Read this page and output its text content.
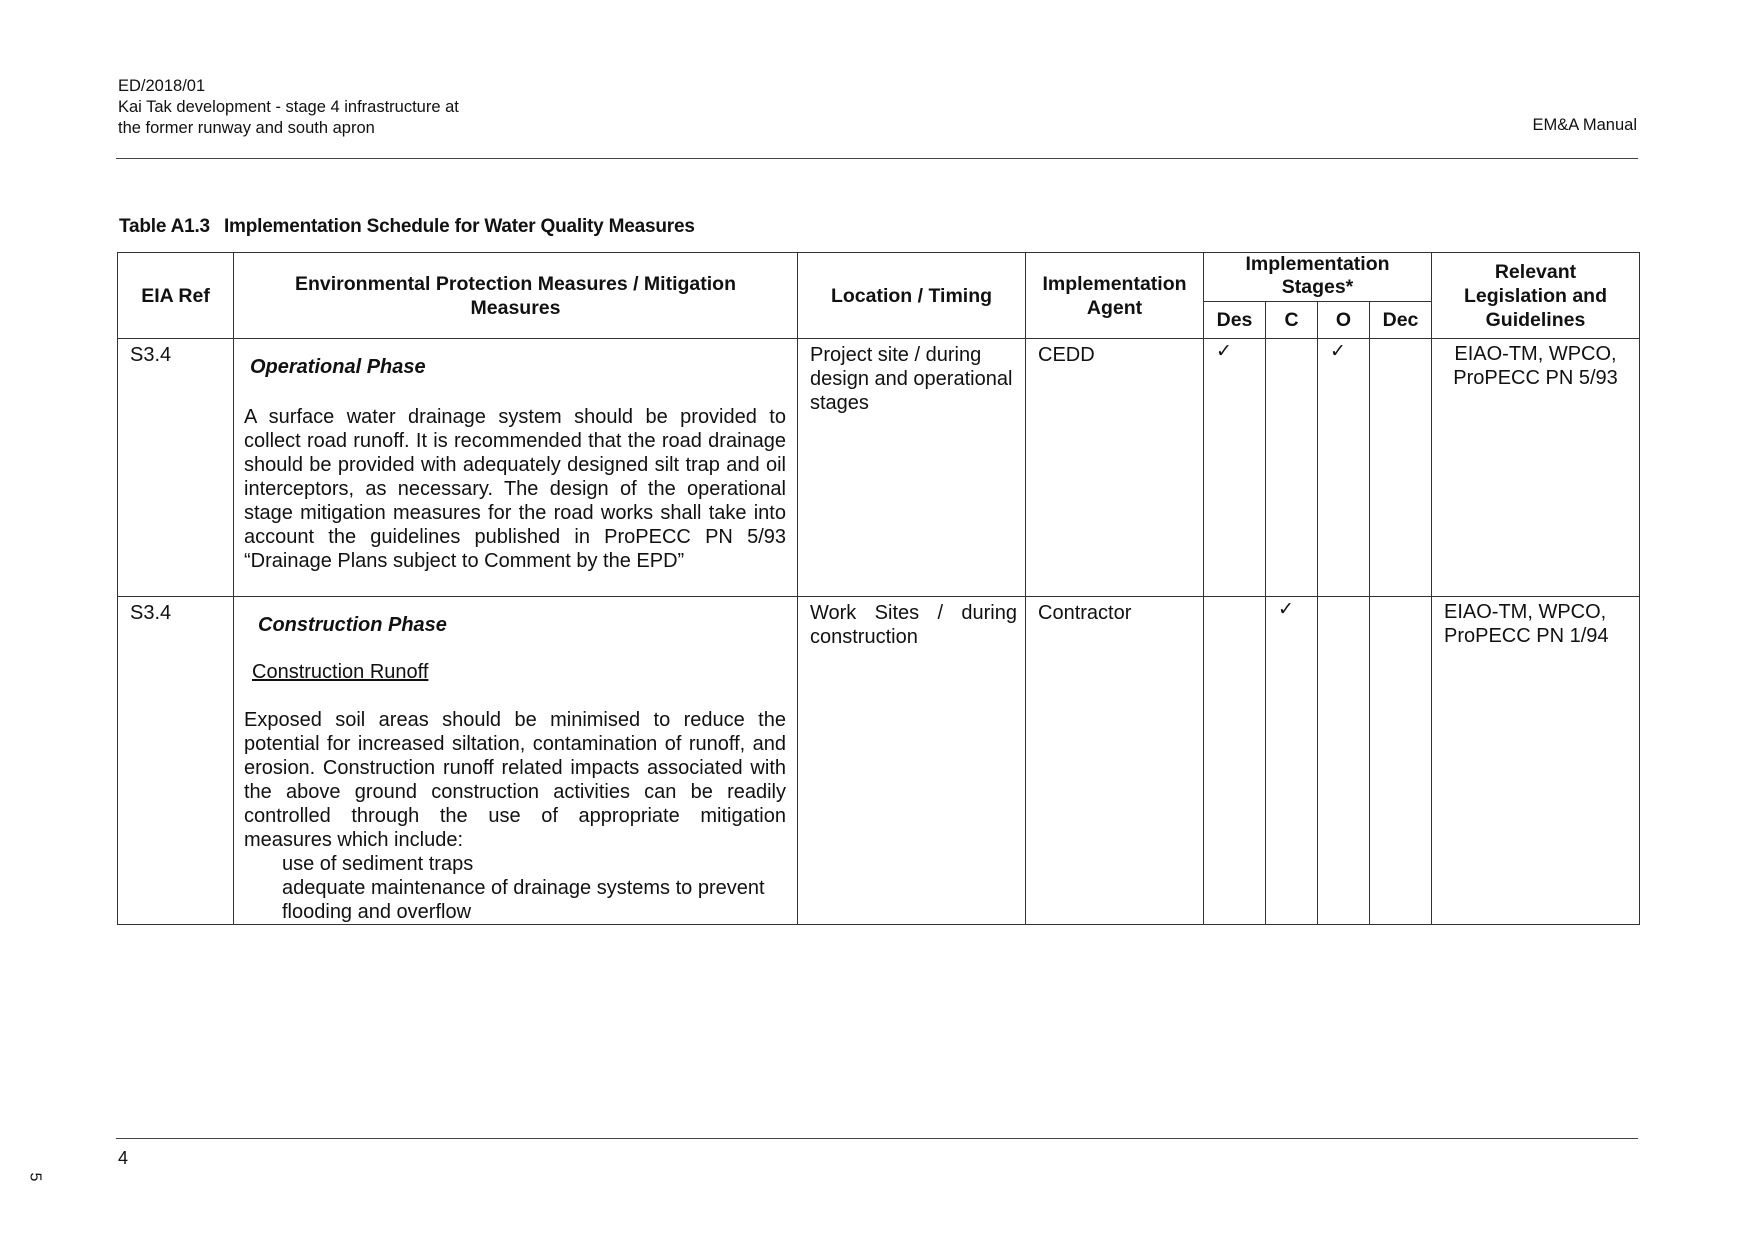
ED/2018/01
Kai Tak development - stage 4 infrastructure at
the former runway and south apron	EM&A Manual
Table A1.3 Implementation Schedule for Water Quality Measures
EIA Ref	Environmental Protection Measures / Mitigation Measures	Location / Timing	Implementation Agent	Implementation Stages*				Relevant Legislation and Guidelines
				Des	C	O	Dec	
S3.4	Operational Phase
A surface water drainage system should be provided to collect road runoff. It is recommended that the road drainage should be provided with adequately designed silt trap and oil interceptors, as necessary. The design of the operational stage mitigation measures for the road works shall take into account the guidelines published in ProPECC PN 5/93 “Drainage Plans subject to Comment by the EPD”	Project site / during design and operational stages	CEDD	✓		✓		EIAO-TM, WPCO, ProPECC PN 5/93
S3.4	Construction Phase
Construction Runoff
Exposed soil areas should be minimised to reduce the potential for increased siltation, contamination of runoff, and erosion. Construction runoff related impacts associated with the above ground construction activities can be readily controlled through the use of appropriate mitigation measures which include:
use of sediment traps
adequate maintenance of drainage systems to prevent flooding and overflow	Work Sites / during construction	Contractor		✓			EIAO-TM, WPCO, ProPECC PN 1/94
4
5
